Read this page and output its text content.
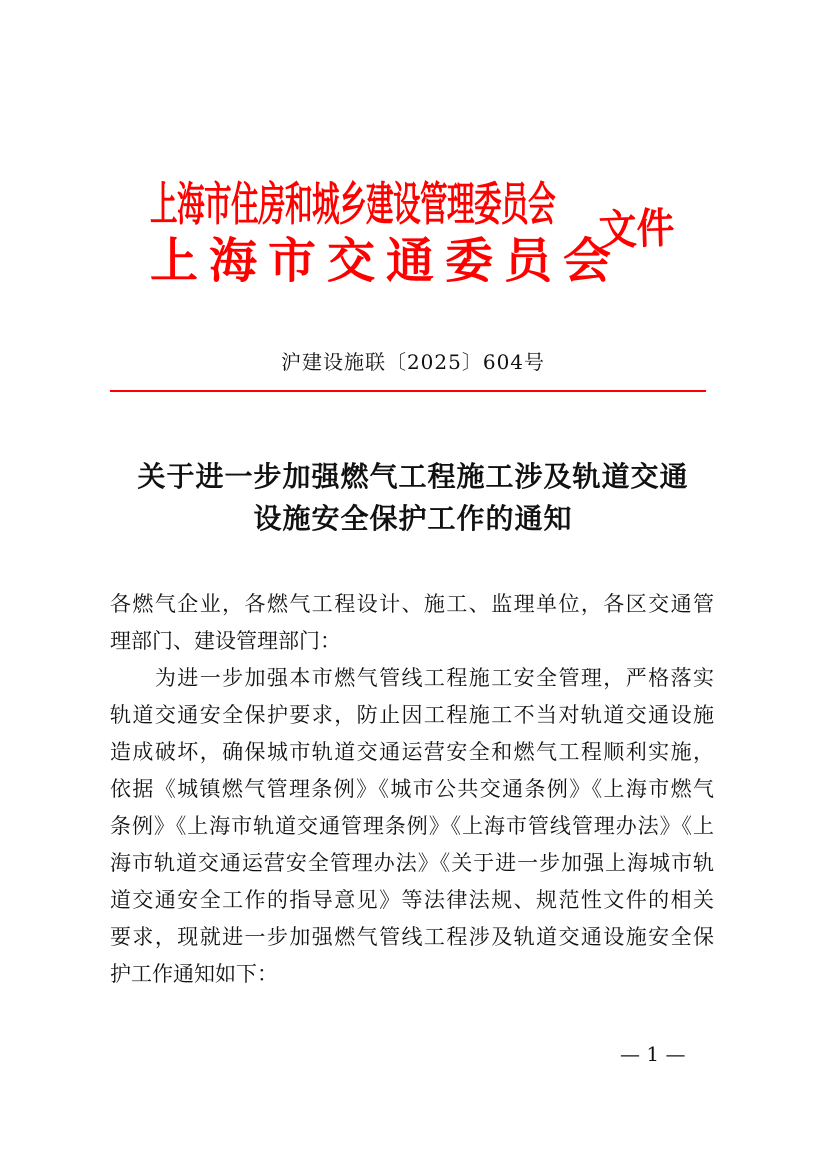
上海市住房和城乡建设管理委员会
上海市交通委员会
文件
沪建设施联〔2025〕604号
关于进一步加强燃气工程施工涉及轨道交通
设施安全保护工作的通知
各燃气企业，各燃气工程设计、施工、监理单位，各区交通管
理部门、建设管理部门：
　　为进一步加强本市燃气管线工程施工安全管理，严格落实
轨道交通安全保护要求，防止因工程施工不当对轨道交通设施
造成破坏，确保城市轨道交通运营安全和燃气工程顺利实施，
依据《城镇燃气管理条例》《城市公共交通条例》《上海市燃气
条例》《上海市轨道交通管理条例》《上海市管线管理办法》《上
海市轨道交通运营安全管理办法》《关于进一步加强上海城市轨
道交通安全工作的指导意见》等法律法规、规范性文件的相关
要求，现就进一步加强燃气管线工程涉及轨道交通设施安全保
护工作通知如下：
— 1 —
